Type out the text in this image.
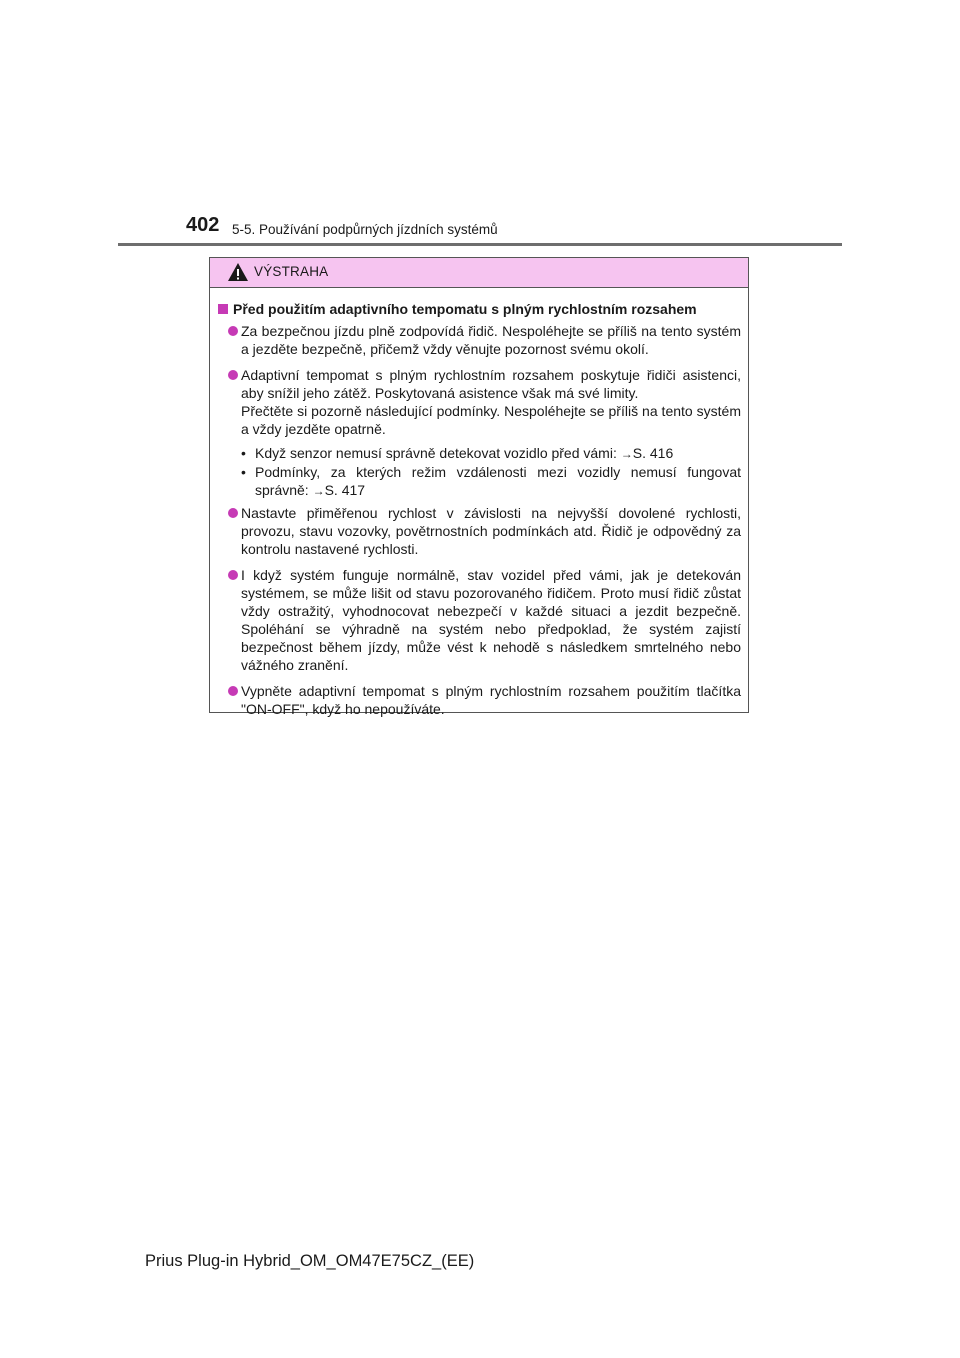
402 5-5. Používání podpůrných jízdních systémů
VÝSTRAHA
Před použitím adaptivního tempomatu s plným rychlostním rozsahem

Za bezpečnou jízdu plně zodpovídá řidič. Nespoléhejte se příliš na tento systém a jezděte bezpečně, přičemž vždy věnujte pozornost svému okolí.

Adaptivní tempomat s plným rychlostním rozsahem poskytuje řidiči asistenci, aby snížil jeho zátěž. Poskytovaná asistence však má své limity.

Přečtěte si pozorně následující podmínky. Nespoléhejte se příliš na tento systém a vždy jezděte opatrně.

• Když senzor nemusí správně detekovat vozidlo před vámi: →S. 416
• Podmínky, za kterých režim vzdálenosti mezi vozidly nemusí fungovat správně: →S. 417

Nastavte přiměřenou rychlost v závislosti na nejvyšší dovolené rychlosti, provozu, stavu vozovky, povětrnostních podmínkách atd. Řidič je odpovědný za kontrolu nastavené rychlosti.

I když systém funguje normálně, stav vozidel před vámi, jak je detekován systémem, se může lišit od stavu pozorovaného řidičem. Proto musí řidič zůstat vždy ostražitý, vyhodnocovat nebezpečí v každé situaci a jezdit bezpečně. Spoléhání se výhradně na systém nebo předpoklad, že systém zajistí bezpečnost během jízdy, může vést k nehodě s následkem smrtelného nebo vážného zranění.

Vypněte adaptivní tempomat s plným rychlostním rozsahem použitím tlačítka "ON-OFF", když ho nepoužíváte.

Prius Plug-in Hybrid_OM_OM47E75CZ_(EE)
